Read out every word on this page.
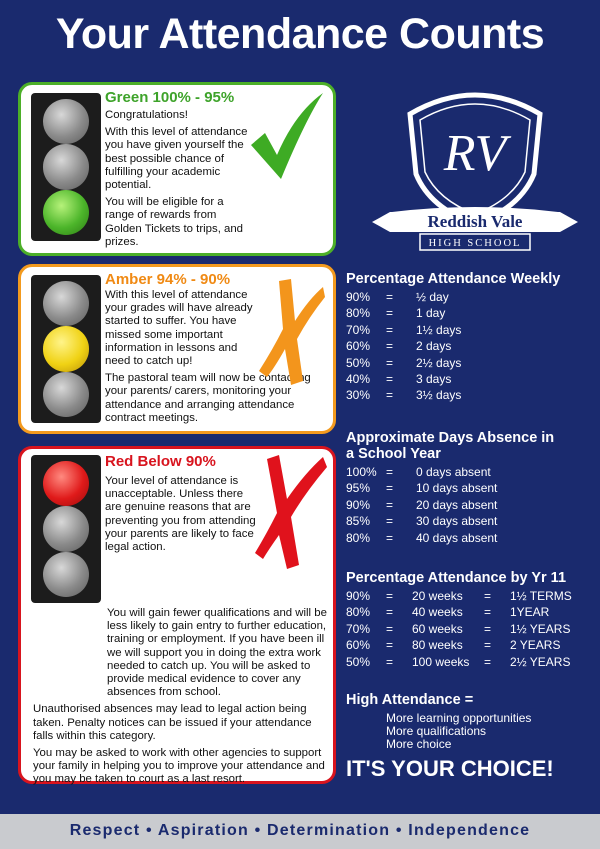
Your Attendance Counts
Green 100% - 95%

Congratulations!

With this level of attendance you have given yourself the best possible chance of fulfilling your academic potential.

You will be eligible for a range of rewards from Golden Tickets to trips, and prizes.

Amber 94% - 90%

With this level of attendance your grades will have already started to suffer. You have missed some important information in lessons and need to catch up!

The pastoral team will now be contacting your parents/ carers, monitoring your attendance and arranging attendance contract meetings.

Red Below 90%

Your level of attendance is unacceptable. Unless there are genuine reasons that are preventing you from attending your parents are likely to face legal action.

You will gain fewer qualifications and will be less likely to gain entry to further education, training or employment. If you have been ill we will support you in doing the extra work needed to catch up. You will be asked to provide medical evidence to cover any absences from school.

Unauthorised absences may lead to legal action being taken. Penalty notices can be issued if your attendance falls within this category.

You may be asked to work with other agencies to support your family in helping you to improve your attendance and you may be taken to court as a last resort.

RV
Reddish Vale
HIGH SCHOOL
Percentage Attendance Weekly
90%	=	½ day
80%	=	1 day
70%	=	1½ days
60%	=	2 days
50%	=	2½ days
40%	=	3 days
30%	=	3½ days
Approximate Days Absence in a School Year
100% =	0 days absent
95%	=	10 days absent
90%	=	20 days absent
85%	=	30 days absent
80%	=	40 days absent
Percentage Attendance by Yr 11
90%	=	20 weeks	=	1½ TERMS
80%	=	40 weeks	=	1YEAR
70%	=	60 weeks	=	1½ YEARS
60%	=	80 weeks	=	2 YEARS
50%	=	100 weeks	=	2½ YEARS
High Attendance =
More learning opportunities
More qualifications
More choice
IT'S YOUR CHOICE!
Respect • Aspiration • Determination • Independence
